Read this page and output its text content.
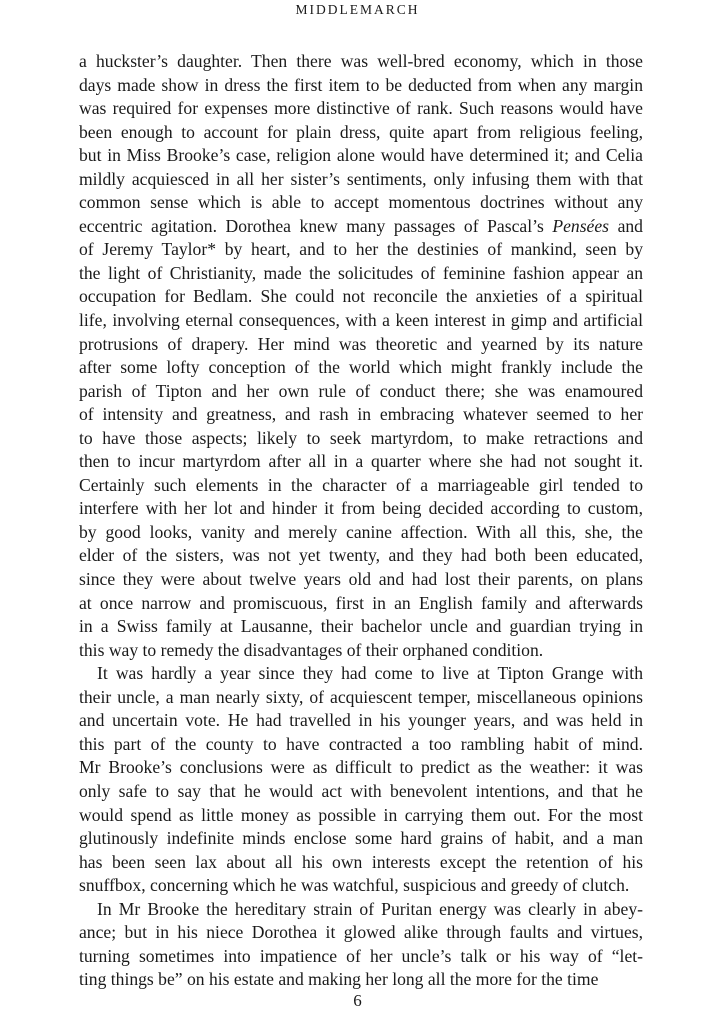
MIDDLEMARCH
a huckster’s daughter. Then there was well-bred economy, which in those
days made show in dress the first item to be deducted from when any margin
was required for expenses more distinctive of rank. Such reasons would have
been enough to account for plain dress, quite apart from religious feeling,
but in Miss Brooke’s case, religion alone would have determined it; and Celia
mildly acquiesced in all her sister’s sentiments, only infusing them with that
common sense which is able to accept momentous doctrines without any
eccentric agitation. Dorothea knew many passages of Pascal’s Pensées and
of Jeremy Taylor* by heart, and to her the destinies of mankind, seen by
the light of Christianity, made the solicitudes of feminine fashion appear an
occupation for Bedlam. She could not reconcile the anxieties of a spiritual
life, involving eternal consequences, with a keen interest in gimp and artificial
protrusions of drapery. Her mind was theoretic and yearned by its nature
after some lofty conception of the world which might frankly include the
parish of Tipton and her own rule of conduct there; she was enamoured
of intensity and greatness, and rash in embracing whatever seemed to her
to have those aspects; likely to seek martyrdom, to make retractions and
then to incur martyrdom after all in a quarter where she had not sought it.
Certainly such elements in the character of a marriageable girl tended to
interfere with her lot and hinder it from being decided according to custom,
by good looks, vanity and merely canine affection. With all this, she, the
elder of the sisters, was not yet twenty, and they had both been educated,
since they were about twelve years old and had lost their parents, on plans
at once narrow and promiscuous, first in an English family and afterwards
in a Swiss family at Lausanne, their bachelor uncle and guardian trying in
this way to remedy the disadvantages of their orphaned condition.
It was hardly a year since they had come to live at Tipton Grange with
their uncle, a man nearly sixty, of acquiescent temper, miscellaneous opinions
and uncertain vote. He had travelled in his younger years, and was held in
this part of the county to have contracted a too rambling habit of mind.
Mr Brooke’s conclusions were as difficult to predict as the weather: it was
only safe to say that he would act with benevolent intentions, and that he
would spend as little money as possible in carrying them out. For the most
glutinously indefinite minds enclose some hard grains of habit, and a man
has been seen lax about all his own interests except the retention of his
snuffbox, concerning which he was watchful, suspicious and greedy of clutch.
In Mr Brooke the hereditary strain of Puritan energy was clearly in abey-
ance; but in his niece Dorothea it glowed alike through faults and virtues,
turning sometimes into impatience of her uncle’s talk or his way of “let-
ting things be” on his estate and making her long all the more for the time
6
